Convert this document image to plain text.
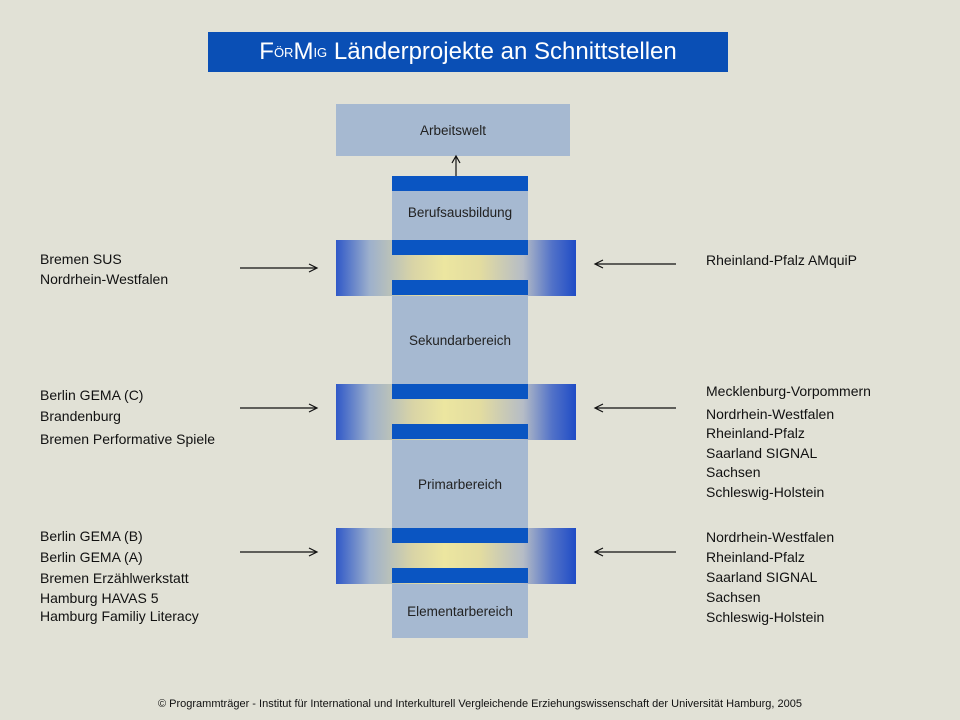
F ÖR M IG Länderprojekte an Schnittstellen
Arbeitswelt
Berufsausbildung
Sekundarbereich
Primarbereich
Elementarbereich
Bremen SUS
Nordrhein-Westfalen
Berlin GEMA (C)
Brandenburg
Bremen Performative Spiele
Berlin GEMA (B)
Berlin GEMA (A)
Bremen Erzählwerkstatt
Hamburg HAVAS 5
Hamburg Familiy Literacy
Rheinland-Pfalz AMquiP
Mecklenburg-Vorpommern
Nordrhein-Westfalen
Rheinland-Pfalz
Saarland SIGNAL
Sachsen
Schleswig-Holstein
Nordrhein-Westfalen
Rheinland-Pfalz
Saarland SIGNAL
Sachsen
Schleswig-Holstein
© Programmträger - Institut für International und Interkulturell Vergleichende Erziehungswissenschaft der Universität Hamburg, 2005
